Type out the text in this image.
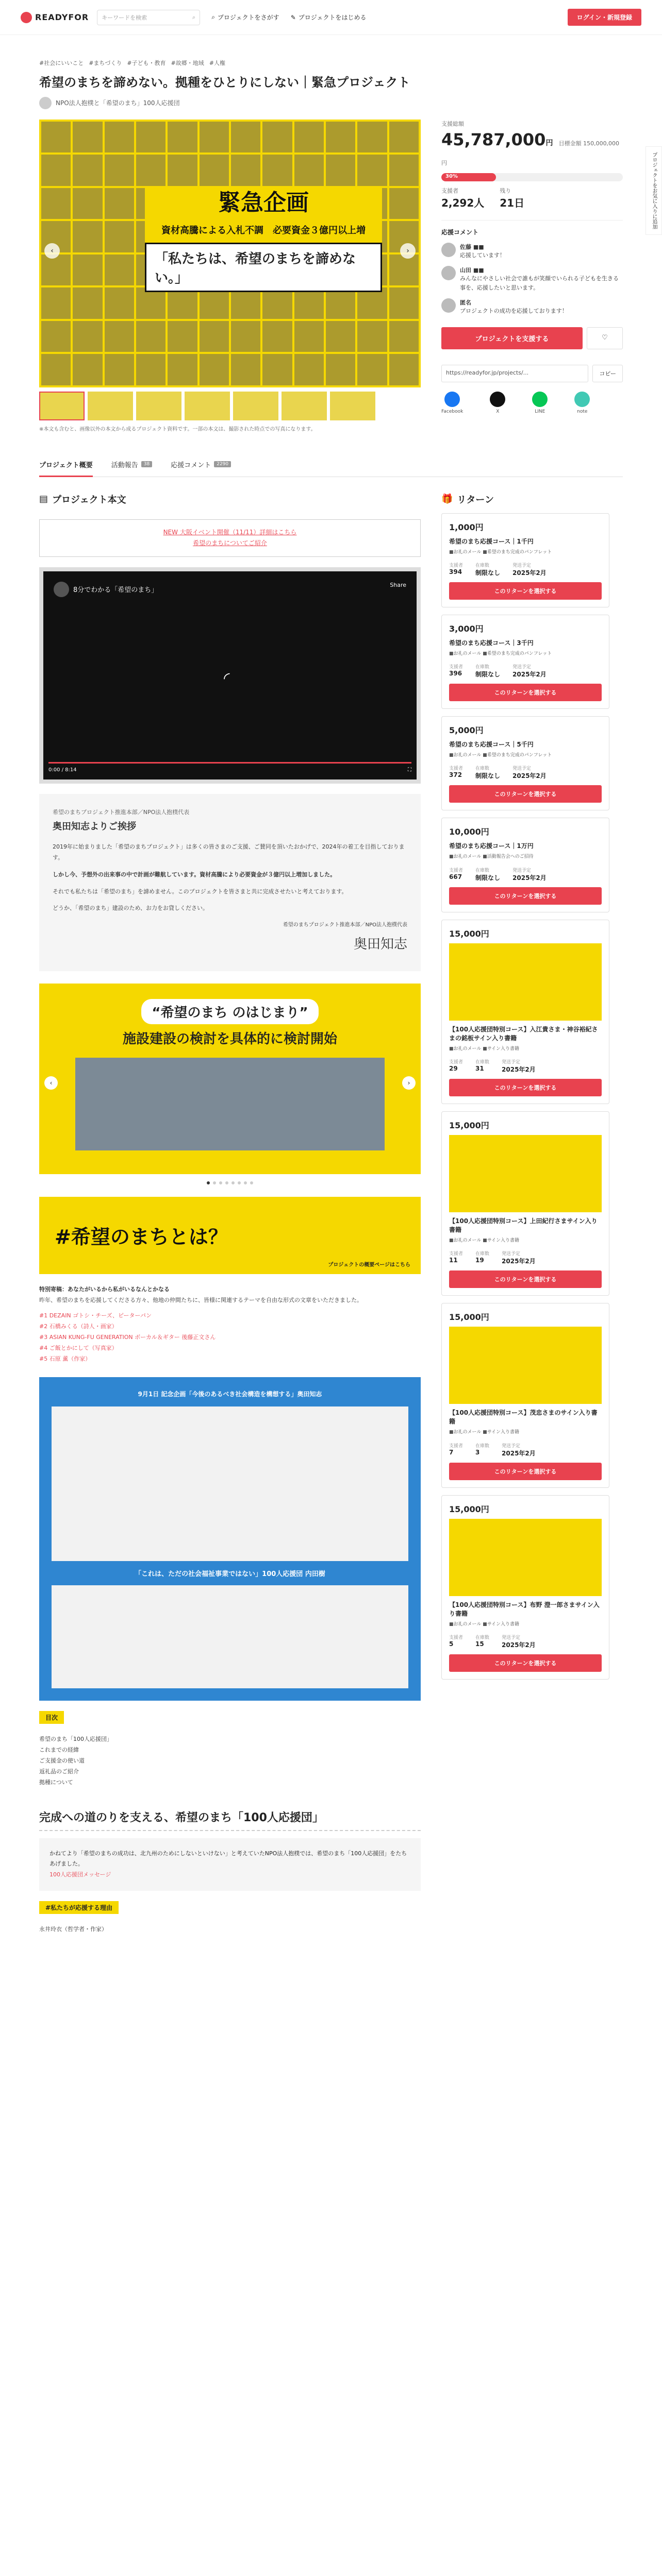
READYFOR キーワードを検索	⌕	⌕ プロジェクトをさがす ✎ プロジェクトをはじめる	ログイン・新規登録
プロジェクトをお気に入りに追加
#社会にいいこと #まちづくり #子ども・教育 #故郷・地域 #人権
希望のまちを諦めない。拠種をひとりにしない｜緊急プロジェクト
NPO法人抱樸と「希望のまち」100人応援団
緊急企画
資材高騰による入札不調　必要資金３億円以上増
「私たちは、希望のまちを諦めない。」
‹	›

※本文も含むと、画像以外の本文から成るプロジェクト資料です。一部の本文は、撮影された時点での写真になります。

支援総額
45,787,000円 目標金額 150,000,000円
30%
支援者
2,292人
残り
21日
応援コメント
佐藤 ■■

応援しています！

山田 ■■

みんなにやさしい社会で誰もが笑顔でいられる子どもを生きる事を、応援したいと思います。

匿名

プロジェクトの成功を応援しております！

プロジェクトを支援する	♡
https://readyfor.jp/projects/...	コピー
Facebook	X	LINE	note
プロジェクト概要	活動報告	38	応援コメント	2290
▤ プロジェクト本文
NEW 大阪イベント開催（11/11）詳細はこちら
希望のまちについてご紹介
8分でわかる「希望のまち」
Share
◜
0:00 / 8:14	⛶
希望のまちプロジェクト推進本部／NPO法人抱樸代表
奥田知志よりご挨拶

2019年に始まりました「希望のまちプロジェクト」は多くの皆さまのご支援、ご賛同を頂いたおかげで、2024年の着工を目指しております。

しかし今、予想外の出来事の中で計画が難航しています。資材高騰により必要資金が３億円以上増加しました。

それでも私たちは「希望のまち」を諦めません。このプロジェクトを皆さまと共に完成させたいと考えております。

どうか、「希望のまち」建設のため、お力をお貸しください。

希望のまちプロジェクト推進本部／NPO法人抱樸代表
奥田知志
“希望のまち のはじまり”
施設建設の検討を具体的に検討開始
‹	›
#希望のまちとは？
プロジェクトの概要ページはこちら

特別寄稿：あなたがいるから私がいるなんとかなる

昨年、希望のまちを応援してくださる方々、他地の仲間たちに、皆様に関連するテーマを自由な形式の文章をいただきました。

#1 DEZAIN ゴトシ・チーズ、ピーターパン

#2 石橋みくる（詩人・画家）

#3 ASIAN KUNG-FU GENERATION ボーカル＆ギター 後藤正文さん

#4 ご飯とかにして（写真家）

#5 石原 薫（作家）

9月1日 記念企画「今後のあるべき社会構造を構想する」奥田知志
「これは、ただの社会福祉事業ではない」100人応援団 内田樹
目次

希望のまち「100人応援団」

これまでの経緯

ご支援金の使い道

返礼品のご紹介

拠種について

完成への道のりを支える、希望のまち「100人応援団」

かねてより「希望のまちの成功は、北九州のためにしないといけない」と考えていたNPO法人抱樸では、希望のまち「100人応援団」をたちあげました。

100人応援団メッセージ

#私たちが応援する理由
永井玲衣（哲学者・作家）
🎁 リターン
1,000円
希望のまち応援コース｜1千円
■お礼のメール ■希望のまち完成のパンフレット
支援者
394
在庫数
制限なし
発送予定
2025年2月
このリターンを選択する
3,000円
希望のまち応援コース｜3千円
■お礼のメール ■希望のまち完成のパンフレット
支援者
396
在庫数
制限なし
発送予定
2025年2月
このリターンを選択する
5,000円
希望のまち応援コース｜5千円
■お礼のメール ■希望のまち完成のパンフレット
支援者
372
在庫数
制限なし
発送予定
2025年2月
このリターンを選択する
10,000円
希望のまち応援コース｜1万円
■お礼のメール ■活動報告会へのご招待
支援者
667
在庫数
制限なし
発送予定
2025年2月
このリターンを選択する
15,000円
【100人応援団特別コース】入江貴さま・神谷裕紀さまの銘板サイン入り書籍
■お礼のメール ■サイン入り書籍
支援者
29
在庫数
31
発送予定
2025年2月
このリターンを選択する
15,000円
【100人応援団特別コース】上田紀行さまサイン入り書籍
■お礼のメール ■サイン入り書籍
支援者
11
在庫数
19
発送予定
2025年2月
このリターンを選択する
15,000円
【100人応援団特別コース】茂忠さまのサイン入り書籍
■お礼のメール ■サイン入り書籍
支援者
7
在庫数
3
発送予定
2025年2月
このリターンを選択する
15,000円
【100人応援団特別コース】布野 澄一郎さまサイン入り書籍
■お礼のメール ■サイン入り書籍
支援者
5
在庫数
15
発送予定
2025年2月
このリターンを選択する
